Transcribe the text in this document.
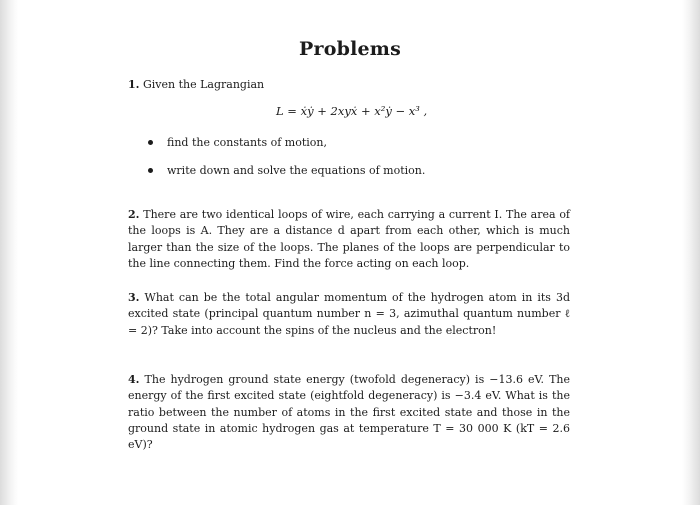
Problems
1. Given the Lagrangian
L = ẋẏ + 2xyẋ + x²ẏ − x³ ,
find the constants of motion,
write down and solve the equations of motion.
2. There are two identical loops of wire, each carrying a current I. The area of the loops is A. They are a distance d apart from each other, which is much larger than the size of the loops. The planes of the loops are perpendicular to the line connecting them. Find the force acting on each loop.
3. What can be the total angular momentum of the hydrogen atom in its 3d excited state (principal quantum number n = 3, azimuthal quantum number ℓ = 2)? Take into account the spins of the nucleus and the electron!
4. The hydrogen ground state energy (twofold degeneracy) is −13.6 eV. The energy of the first excited state (eightfold degeneracy) is −3.4 eV. What is the ratio between the number of atoms in the first excited state and those in the ground state in atomic hydrogen gas at temperature T = 30 000 K (kT = 2.6 eV)?
